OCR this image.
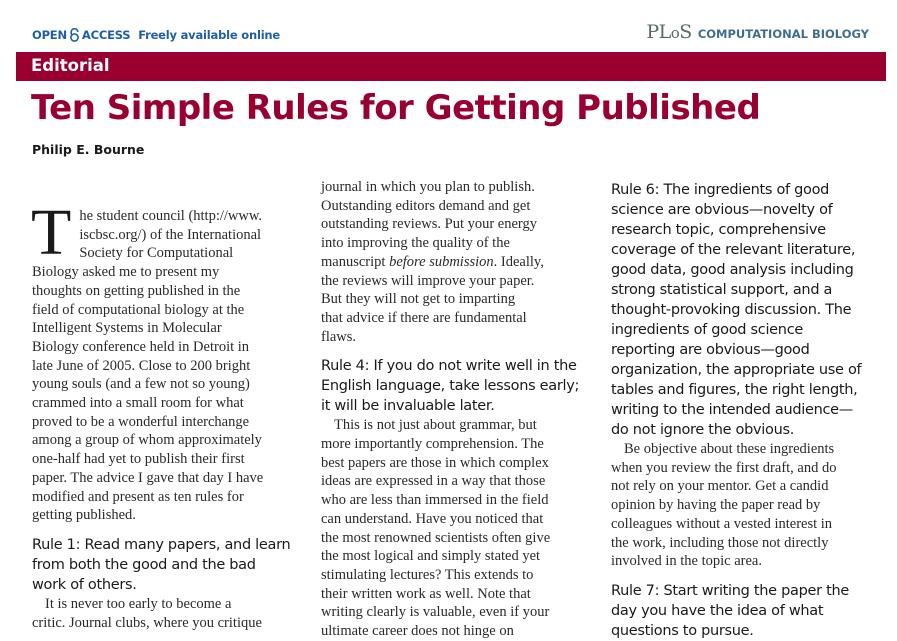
OPEN ACCESS Freely available online	PLoS COMPUTATIONAL BIOLOGY
Editorial
Ten Simple Rules for Getting Published
Philip E. Bourne
T he student council (http://www.
iscbsc.org/) of the International
Society for Computational
Biology asked me to present my
thoughts on getting published in the
field of computational biology at the
Intelligent Systems in Molecular
Biology conference held in Detroit in
late June of 2005. Close to 200 bright
young souls (and a few not so young)
crammed into a small room for what
proved to be a wonderful interchange
among a group of whom approximately
one-half had yet to publish their first
paper. The advice I gave that day I have
modified and present as ten rules for
getting published.
Rule 1: Read many papers, and learn
from both the good and the bad
work of others.
It is never too early to become a
critic. Journal clubs, where you critique
journal in which you plan to publish.
Outstanding editors demand and get
outstanding reviews. Put your energy
into improving the quality of the
manuscript before submission. Ideally,
the reviews will improve your paper.
But they will not get to imparting
that advice if there are fundamental
flaws.
Rule 4: If you do not write well in the
English language, take lessons early;
it will be invaluable later.
This is not just about grammar, but
more importantly comprehension. The
best papers are those in which complex
ideas are expressed in a way that those
who are less than immersed in the field
can understand. Have you noticed that
the most renowned scientists often give
the most logical and simply stated yet
stimulating lectures? This extends to
their written work as well. Note that
writing clearly is valuable, even if your
ultimate career does not hinge on
Rule 6: The ingredients of good
science are obvious—novelty of
research topic, comprehensive
coverage of the relevant literature,
good data, good analysis including
strong statistical support, and a
thought-provoking discussion. The
ingredients of good science
reporting are obvious—good
organization, the appropriate use of
tables and figures, the right length,
writing to the intended audience—
do not ignore the obvious.
Be objective about these ingredients
when you review the first draft, and do
not rely on your mentor. Get a candid
opinion by having the paper read by
colleagues without a vested interest in
the work, including those not directly
involved in the topic area.
Rule 7: Start writing the paper the
day you have the idea of what
questions to pursue.
